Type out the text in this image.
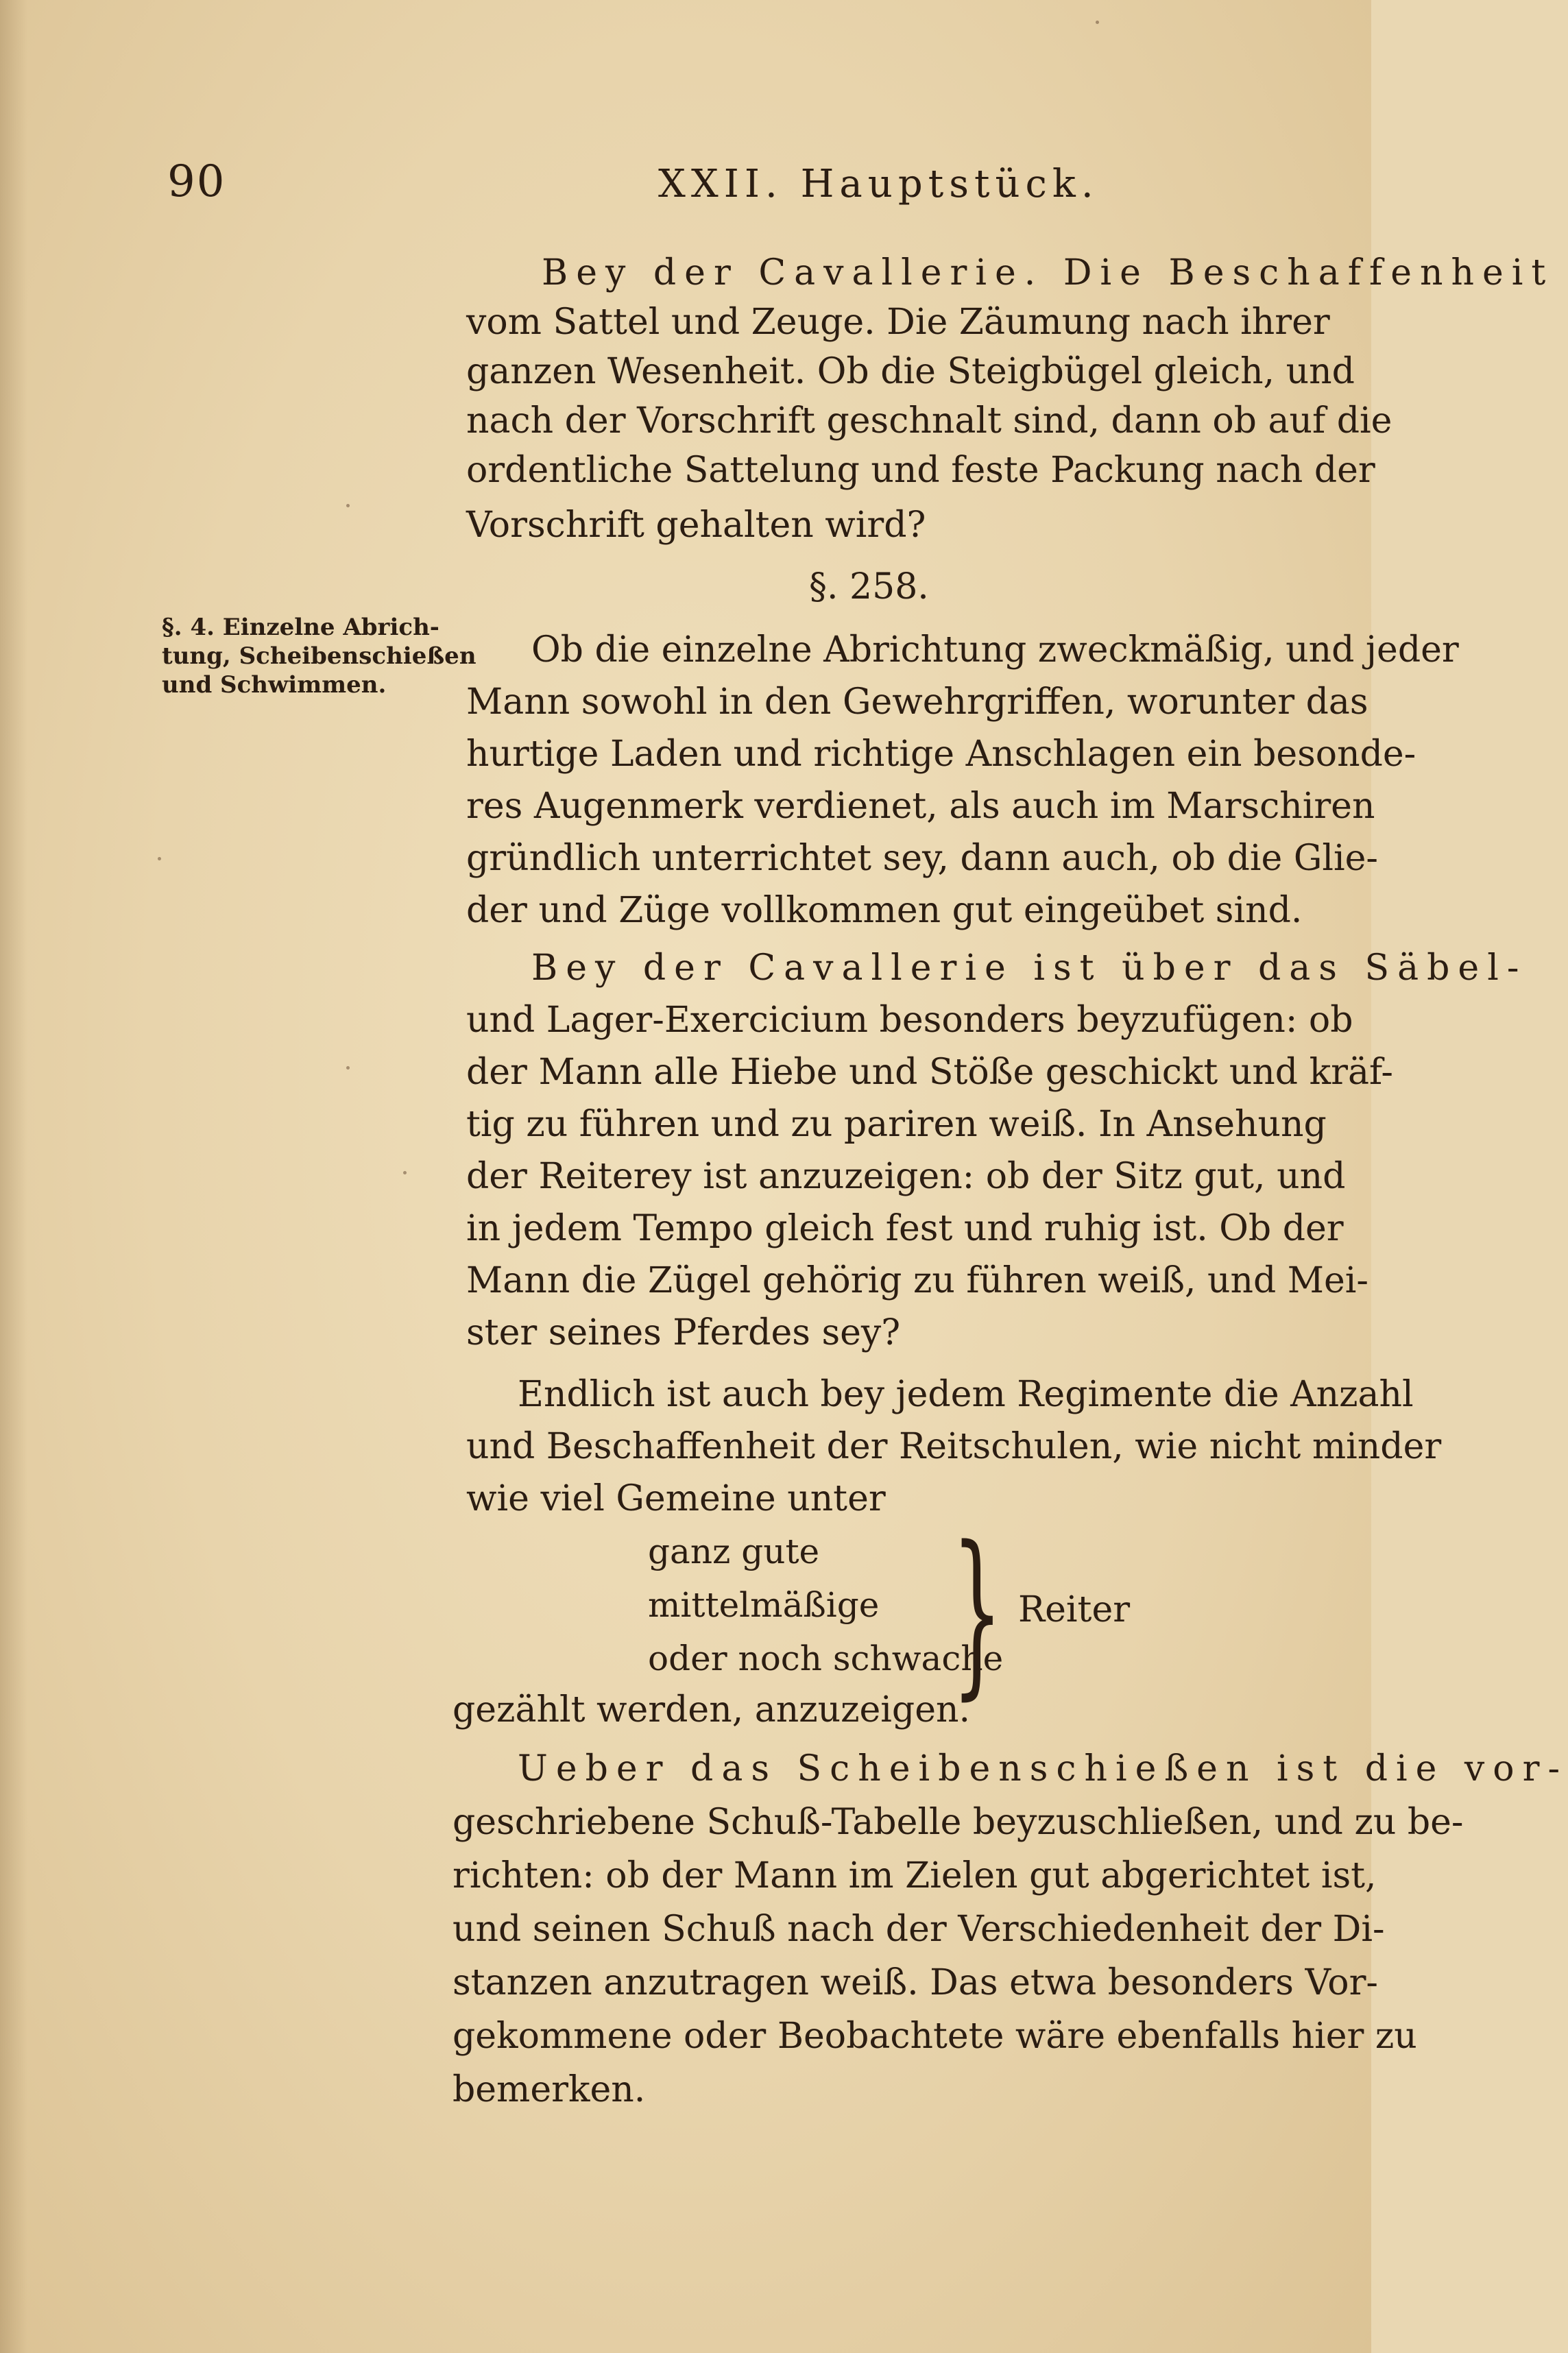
90	XXII. Hauptstück.
Bey der Cavallerie. Die Beschaffenheit
vom Sattel und Zeuge. Die Zäumung nach ihrer
ganzen Wesenheit. Ob die Steigbügel gleich, und
nach der Vorschrift geschnalt sind, dann ob auf die
ordentliche Sattelung und feste Packung nach der
Vorschrift gehalten wird?
§. 258.
§. 4. Einzelne Abrich-
tung, Scheibenschießen
und Schwimmen.
Ob die einzelne Abrichtung zweckmäßig, und jeder
Mann sowohl in den Gewehrgriffen, worunter das
hurtige Laden und richtige Anschlagen ein besonde-
res Augenmerk verdienet, als auch im Marschiren
gründlich unterrichtet sey, dann auch, ob die Glie-
der und Züge vollkommen gut eingeübet sind.
Bey der Cavallerie ist über das Säbel-
und Lager-Exercicium besonders beyzufügen: ob
der Mann alle Hiebe und Stöße geschickt und kräf-
tig zu führen und zu pariren weiß. In Ansehung
der Reiterey ist anzuzeigen: ob der Sitz gut, und
in jedem Tempo gleich fest und ruhig ist. Ob der
Mann die Zügel gehörig zu führen weiß, und Mei-
ster seines Pferdes sey?
Endlich ist auch bey jedem Regimente die Anzahl
und Beschaffenheit der Reitschulen, wie nicht minder
wie viel Gemeine unter
ganz gute
mittelmäßige
oder noch schwache
} Reiter
gezählt werden, anzuzeigen.
Ueber das Scheibenschießen ist die vor-
geschriebene Schuß-Tabelle beyzuschließen, und zu be-
richten: ob der Mann im Zielen gut abgerichtet ist,
und seinen Schuß nach der Verschiedenheit der Di-
stanzen anzutragen weiß. Das etwa besonders Vor-
gekommene oder Beobachtete wäre ebenfalls hier zu
bemerken.
